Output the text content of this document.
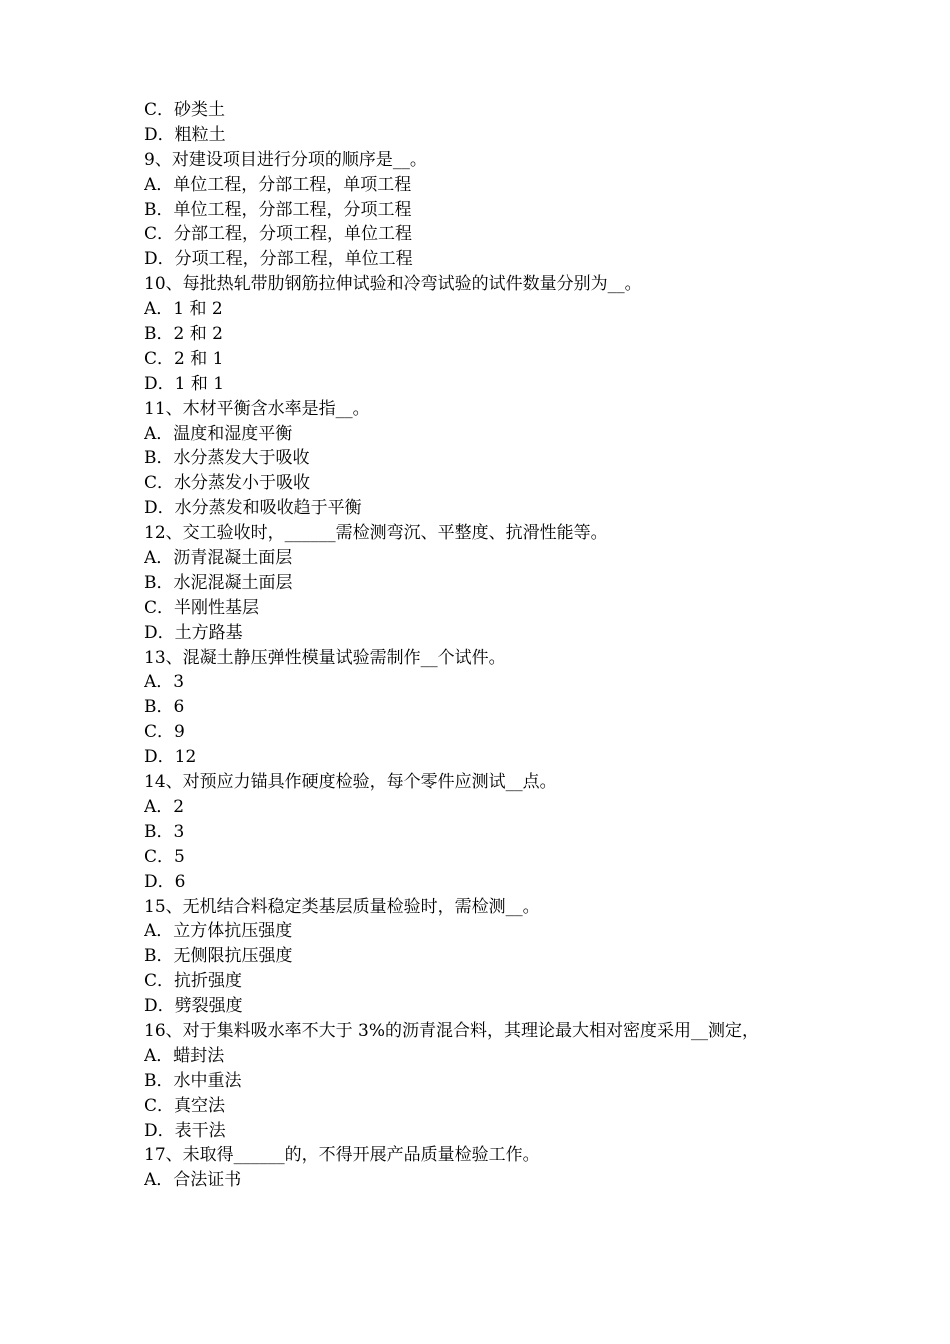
C．砂类土
D．粗粒土
9、对建设项目进行分项的顺序是__。
A．单位工程，分部工程，单项工程
B．单位工程，分部工程，分项工程
C．分部工程，分项工程，单位工程
D．分项工程，分部工程，单位工程
10、每批热轧带肋钢筋拉伸试验和冷弯试验的试件数量分别为__。
A．1 和 2
B．2 和 2
C．2 和 1
D．1 和 1
11、木材平衡含水率是指__。
A．温度和湿度平衡
B．水分蒸发大于吸收
C．水分蒸发小于吸收
D．水分蒸发和吸收趋于平衡
12、交工验收时，______需检测弯沉、平整度、抗滑性能等。
A．沥青混凝土面层
B．水泥混凝土面层
C．半刚性基层
D．土方路基
13、混凝土静压弹性模量试验需制作__个试件。
A．3
B．6
C．9
D．12
14、对预应力锚具作硬度检验，每个零件应测试__点。
A．2
B．3
C．5
D．6
15、无机结合料稳定类基层质量检验时，需检测__。
A．立方体抗压强度
B．无侧限抗压强度
C．抗折强度
D．劈裂强度
16、对于集料吸水率不大于 3%的沥青混合料，其理论最大相对密度采用__测定，
A．蜡封法
B．水中重法
C．真空法
D．表干法
17、未取得______的，不得开展产品质量检验工作。
A．合法证书
